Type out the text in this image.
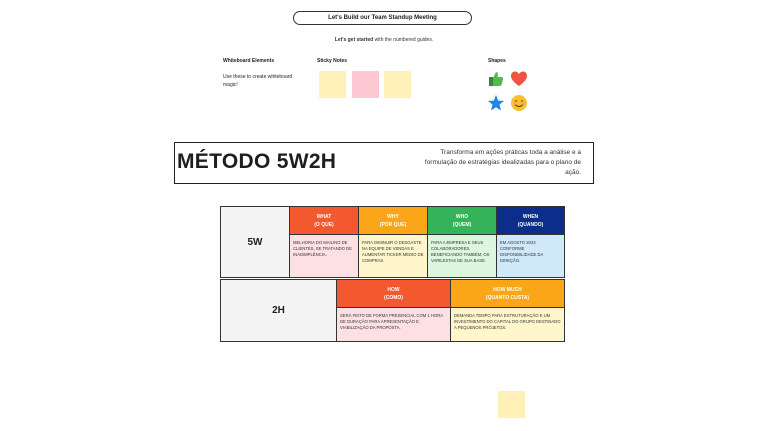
Let's Build our Team Standup Meeting
Let's get started with the numbered guides.
Whiteboard Elements
Use these to create whiteboard magic!
Sticky Notes	Shapes
MÉTODO 5W2H	Transforma em ações práticas toda a análise e a formulação de estratégias idealizadas para o plano de ação.
5W
WHAT
(O QUE)
WHY
(POR QUE)
WHO
(QUEM)
WHEN
(QUANDO)
MELHORIA DO MAILING DE CLIENTES, SE TRATANDO DE INADIMPLÊNCIA.
PARA DIMINUIR O DESGASTE NA EQUIPE DE VENDAS E AUMENTAR TICKER MÉDIO DE COMPRAS.
PARA A EMPRESA E SEUS COLABORADORES, BENEFICIANDO TAMBÉM, OS VAREJISTAS DE SUA BASE.
EM AGOSTO 2023 CONFORME DISPONIBILIDADE DA DIREÇÃO.
2H
HOW
(COMO)
HOW MUCH
(QUANTO CUSTA)
SERÁ FEITO DE FORMA PRESENCIAL COM 1 HORA DE DURAÇÃO PARA APRESENTAÇÃO E VIABILIZAÇÃO DA PROPOSTA.
DEMANDA TEMPO PARA ESTRUTURAÇÃO E UM INVESTIMENTO DO CAPITAL DO GRUPO DESTINADO A PEQUENOS PROJETOS.
